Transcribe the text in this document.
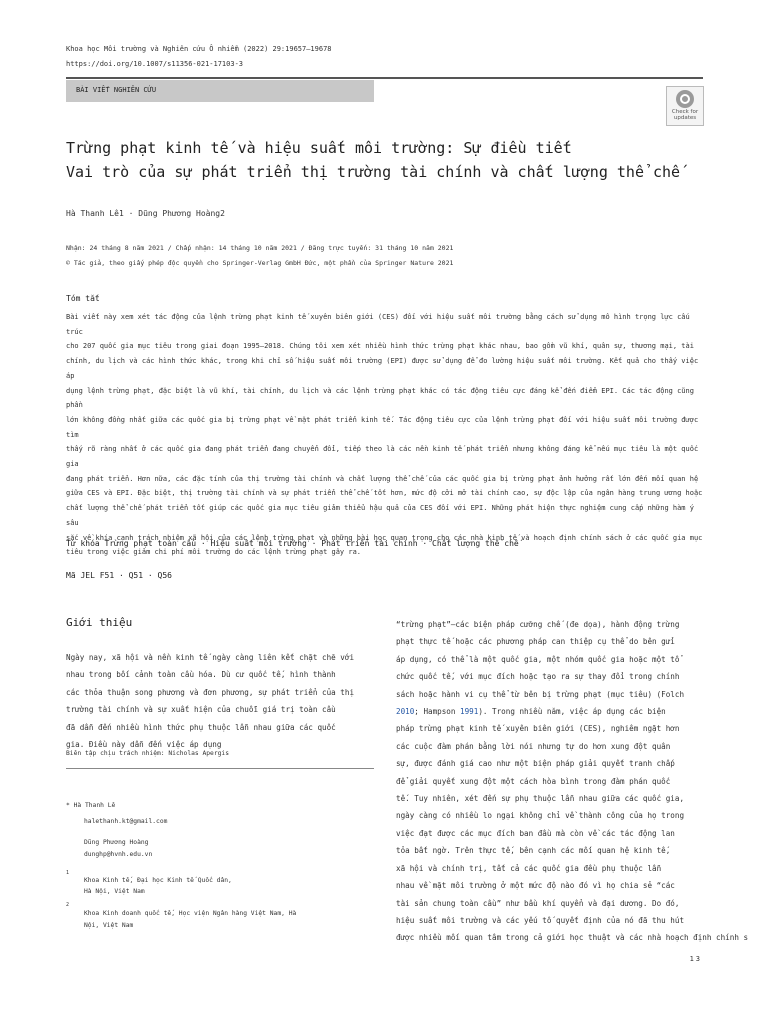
Khoa học Môi trường và Nghiên cứu Ô nhiễm (2022) 29:19657–19678
https://doi.org/10.1007/s11356-021-17103-3
BÀI VIẾT NGHIÊN CỨU
Check for
updates
Trừng phạt kinh tế và hiệu suất môi trường: Sự điều tiết
Vai trò của sự phát triển thị trường tài chính và chất lượng thể chế
Hà Thanh Lê1 · Dũng Phương Hoàng2
Nhận: 24 tháng 8 năm 2021 / Chấp nhận: 14 tháng 10 năm 2021 / Đăng trực tuyến: 31 tháng 10 năm 2021
© Tác giả, theo giấy phép độc quyền cho Springer-Verlag GmbH Đức, một phần của Springer Nature 2021
Tóm tắt
Bài viết này xem xét tác động của lệnh trừng phạt kinh tế xuyên biên giới (CES) đối với hiệu suất môi trường bằng cách sử dụng mô hình trọng lực cấu trúc
cho 207 quốc gia mục tiêu trong giai đoạn 1995–2018. Chúng tôi xem xét nhiều hình thức trừng phạt khác nhau, bao gồm vũ khí, quân sự, thương mại, tài
chính, du lịch và các hình thức khác, trong khi chỉ số hiệu suất môi trường (EPI) được sử dụng để đo lường hiệu suất môi trường. Kết quả cho thấy việc áp
dụng lệnh trừng phạt, đặc biệt là vũ khí, tài chính, du lịch và các lệnh trừng phạt khác có tác động tiêu cực đáng kể đến điểm EPI. Các tác động cũng phần
lớn không đồng nhất giữa các quốc gia bị trừng phạt về mặt phát triển kinh tế. Tác động tiêu cực của lệnh trừng phạt đối với hiệu suất môi trường được tìm
thấy rõ ràng nhất ở các quốc gia đang phát triển đang chuyển đổi, tiếp theo là các nền kinh tế phát triển nhưng không đáng kể nếu mục tiêu là một quốc gia
đang phát triển. Hơn nữa, các đặc tính của thị trường tài chính và chất lượng thể chế của các quốc gia bị trừng phạt ảnh hưởng rất lớn đến mối quan hệ
giữa CES và EPI. Đặc biệt, thị trường tài chính và sự phát triển thể chế tốt hơn, mức độ cởi mở tài chính cao, sự độc lập của ngân hàng trung ương hoặc
chất lượng thể chế phát triển tốt giúp các quốc gia mục tiêu giảm thiểu hậu quả của CES đối với EPI. Những phát hiện thực nghiệm cung cấp những hàm ý sâu
sắc về khía cạnh trách nhiệm xã hội của các lệnh trừng phạt và những bài học quan trọng cho các nhà kinh tế và hoạch định chính sách ở các quốc gia mục
tiêu trong việc giảm chi phí môi trường do các lệnh trừng phạt gây ra.
Từ khóa Trừng phạt toàn cầu · Hiệu suất môi trường · Phát triển tài chính · Chất lượng thể chế
Mã JEL F51 · Q51 · Q56
Giới thiệu
Ngày nay, xã hội và nền kinh tế ngày càng liên kết chặt chẽ với
nhau trong bối cảnh toàn cầu hóa. Dù cư quốc tế, hình thành
các thỏa thuận song phương và đơn phương, sự phát triển của thị
trường tài chính và sự xuất hiện của chuỗi giá trị toàn cầu
đã dẫn đến nhiều hình thức phụ thuộc lẫn nhau giữa các quốc
gia. Điều này dẫn đến việc áp dụng
“trừng phạt”—các biện pháp cưỡng chế (đe dọa), hành động trừng
phạt thực tế hoặc các phương pháp can thiệp cụ thể do bên gửi
áp dụng, có thể là một quốc gia, một nhóm quốc gia hoặc một tổ
chức quốc tế, với mục đích hoặc tạo ra sự thay đổi trong chính
sách hoặc hành vi cụ thể từ bên bị trừng phạt (mục tiêu) (Folch
2010; Hampson 1991). Trong nhiều năm, việc áp dụng các biện
pháp trừng phạt kinh tế xuyên biên giới (CES), nghiêm ngặt hơn
các cuộc đàm phán bằng lời nói nhưng tự do hơn xung đột quân
sự, được đánh giá cao như một biện pháp giải quyết tranh chấp
để giải quyết xung đột một cách hòa bình trong đàm phán quốc
tế. Tuy nhiên, xét đến sự phụ thuộc lẫn nhau giữa các quốc gia,
ngày càng có nhiều lo ngại không chỉ về thành công của họ trong
việc đạt được các mục đích ban đầu mà còn về các tác động lan
tỏa bất ngờ. Trên thực tế, bên cạnh các mối quan hệ kinh tế,
xã hội và chính trị, tất cả các quốc gia đều phụ thuộc lẫn
nhau về mặt môi trường ở một mức độ nào đó vì họ chia sẻ “các
tài sản chung toàn cầu” như bầu khí quyển và đại dương. Do đó,
hiệu suất môi trường và các yếu tố quyết định của nó đã thu hút
được nhiều mối quan tâm trong cả giới học thuật và các nhà hoạch định chính s
Biên tập chịu trách nhiệm: Nicholas Apergis
* Hà Thanh Lê
halethanh.kt@gmail.com
Dũng Phương Hoàng
dunghp@hvnh.edu.vn
1
Khoa Kinh tế, Đại học Kinh tế Quốc dân,
Hà Nội, Việt Nam
2
Khoa Kinh doanh quốc tế, Học viện Ngân hàng Việt Nam, Hà
Nội, Việt Nam
13
